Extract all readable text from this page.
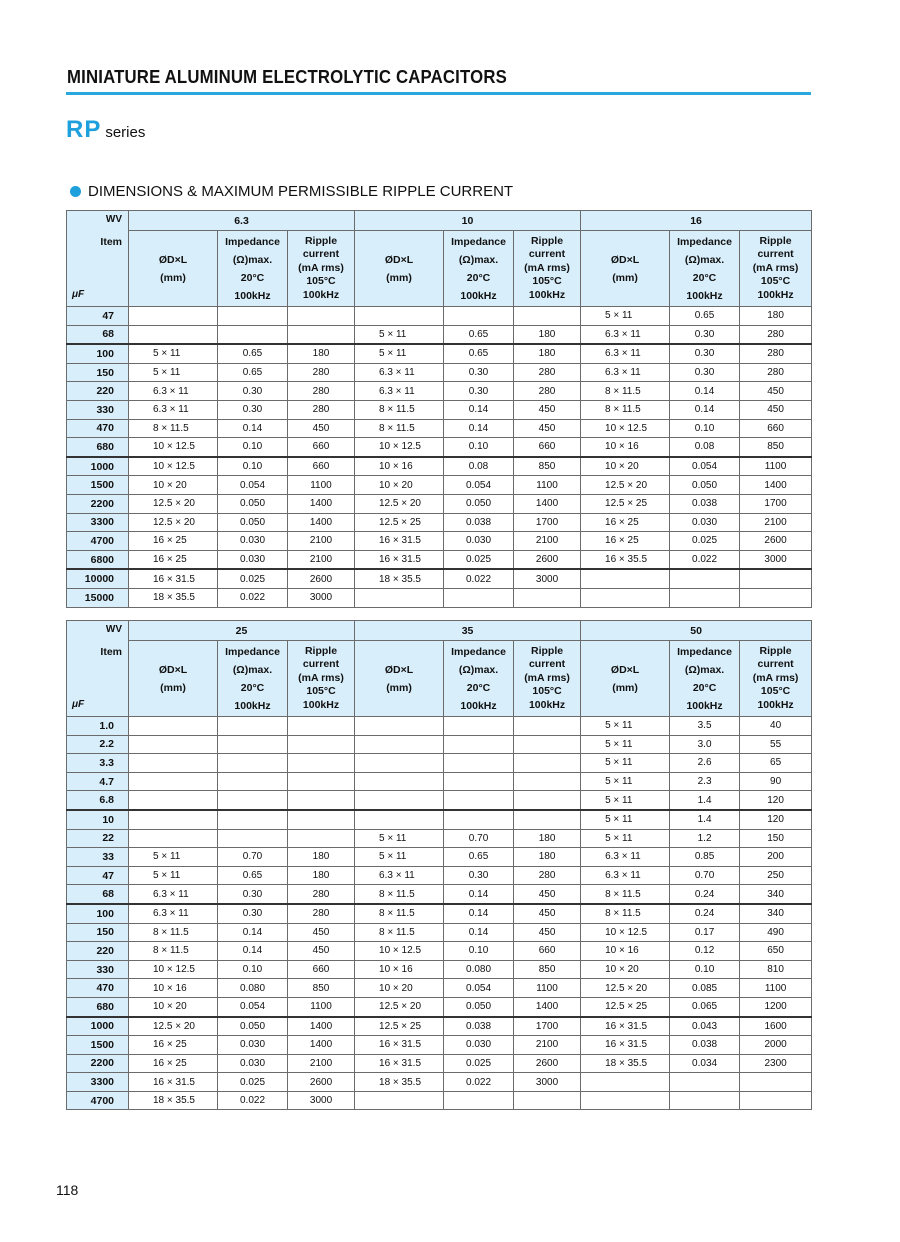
MINIATURE ALUMINUM ELECTROLYTIC CAPACITORS
RP series
DIMENSIONS & MAXIMUM PERMISSIBLE RIPPLE CURRENT
WV
Item
μF	6.3			10			16		
	ØD×L
(mm)	Impedance
(Ω)max.
20°C
100kHz	Ripple
current
(mA rms)
105°C
100kHz	ØD×L
(mm)	Impedance
(Ω)max.
20°C
100kHz	Ripple
current
(mA rms)
105°C
100kHz	ØD×L
(mm)	Impedance
(Ω)max.
20°C
100kHz	Ripple
current
(mA rms)
105°C
100kHz
47							5 × 11	0.65	180
68				5 × 11	0.65	180	6.3 × 11	0.30	280
100	5 × 11	0.65	180	5 × 11	0.65	180	6.3 × 11	0.30	280
150	5 × 11	0.65	280	6.3 × 11	0.30	280	6.3 × 11	0.30	280
220	6.3 × 11	0.30	280	6.3 × 11	0.30	280	8 × 11.5	0.14	450
330	6.3 × 11	0.30	280	8 × 11.5	0.14	450	8 × 11.5	0.14	450
470	8 × 11.5	0.14	450	8 × 11.5	0.14	450	10 × 12.5	0.10	660
680	10 × 12.5	0.10	660	10 × 12.5	0.10	660	10 × 16	0.08	850
1000	10 × 12.5	0.10	660	10 × 16	0.08	850	10 × 20	0.054	1100
1500	10 × 20	0.054	1100	10 × 20	0.054	1100	12.5 × 20	0.050	1400
2200	12.5 × 20	0.050	1400	12.5 × 20	0.050	1400	12.5 × 25	0.038	1700
3300	12.5 × 20	0.050	1400	12.5 × 25	0.038	1700	16 × 25	0.030	2100
4700	16 × 25	0.030	2100	16 × 31.5	0.030	2100	16 × 25	0.025	2600
6800	16 × 25	0.030	2100	16 × 31.5	0.025	2600	16 × 35.5	0.022	3000
10000	16 × 31.5	0.025	2600	18 × 35.5	0.022	3000			
15000	18 × 35.5	0.022	3000						
WV
Item
μF	25			35			50		
	ØD×L
(mm)	Impedance
(Ω)max.
20°C
100kHz	Ripple
current
(mA rms)
105°C
100kHz	ØD×L
(mm)	Impedance
(Ω)max.
20°C
100kHz	Ripple
current
(mA rms)
105°C
100kHz	ØD×L
(mm)	Impedance
(Ω)max.
20°C
100kHz	Ripple
current
(mA rms)
105°C
100kHz
1.0							5 × 11	3.5	40
2.2							5 × 11	3.0	55
3.3							5 × 11	2.6	65
4.7							5 × 11	2.3	90
6.8							5 × 11	1.4	120
10							5 × 11	1.4	120
22				5 × 11	0.70	180	5 × 11	1.2	150
33	5 × 11	0.70	180	5 × 11	0.65	180	6.3 × 11	0.85	200
47	5 × 11	0.65	180	6.3 × 11	0.30	280	6.3 × 11	0.70	250
68	6.3 × 11	0.30	280	8 × 11.5	0.14	450	8 × 11.5	0.24	340
100	6.3 × 11	0.30	280	8 × 11.5	0.14	450	8 × 11.5	0.24	340
150	8 × 11.5	0.14	450	8 × 11.5	0.14	450	10 × 12.5	0.17	490
220	8 × 11.5	0.14	450	10 × 12.5	0.10	660	10 × 16	0.12	650
330	10 × 12.5	0.10	660	10 × 16	0.080	850	10 × 20	0.10	810
470	10 × 16	0.080	850	10 × 20	0.054	1100	12.5 × 20	0.085	1100
680	10 × 20	0.054	1100	12.5 × 20	0.050	1400	12.5 × 25	0.065	1200
1000	12.5 × 20	0.050	1400	12.5 × 25	0.038	1700	16 × 31.5	0.043	1600
1500	16 × 25	0.030	1400	16 × 31.5	0.030	2100	16 × 31.5	0.038	2000
2200	16 × 25	0.030	2100	16 × 31.5	0.025	2600	18 × 35.5	0.034	2300
3300	16 × 31.5	0.025	2600	18 × 35.5	0.022	3000			
4700	18 × 35.5	0.022	3000						
118
